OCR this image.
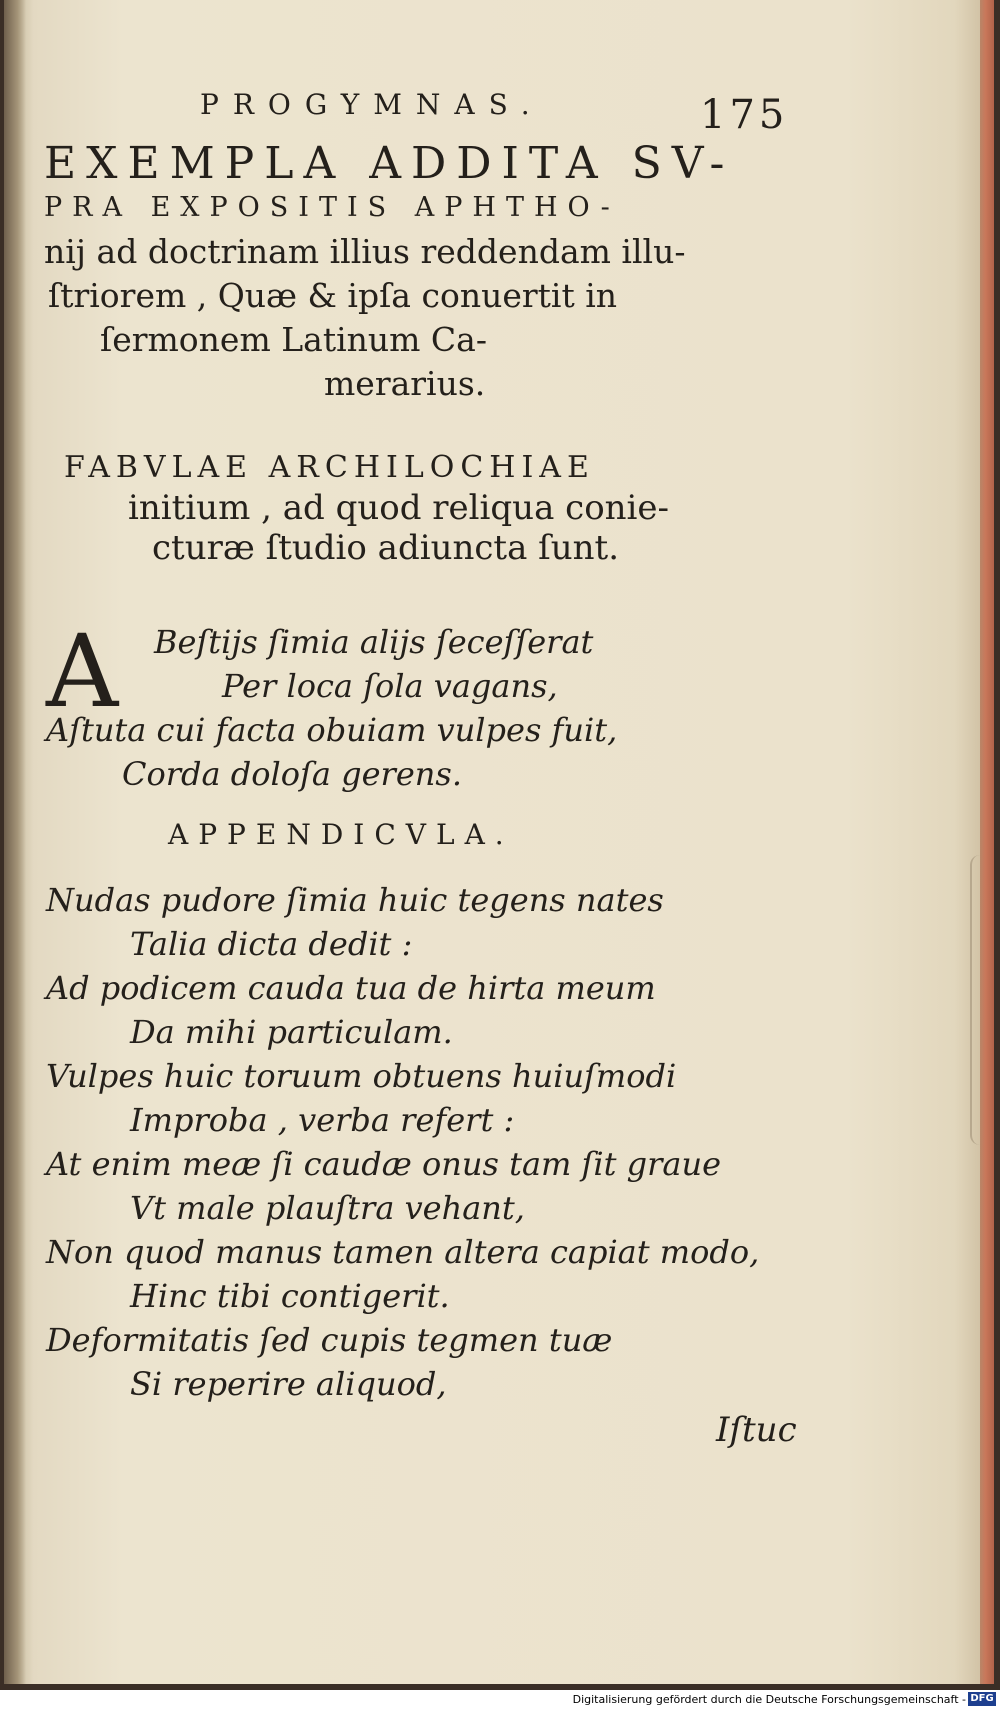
PROGYMNAS.	175
EXEMPLA ADDITA SV-
PRA EXPOSITIS APHTHO-
nij ad doctrinam illius reddendam illu-
ſtriorem , Quæ & ipſa conuertit in
ſermonem Latinum Ca-
merarius.
FABVLAE ARCHILOCHIAE
initium , ad quod reliqua conie-
cturæ ſtudio adiuncta ſunt.
A Beſtijs ſimia alijs ſeceſſerat
Per loca ſola vagans,
Aſtuta cui facta obuiam vulpes fuit,
Corda doloſa gerens.
APPENDICVLA.
Nudas pudore ſimia huic tegens nates
Talia dicta dedit :
Ad podicem cauda tua de hirta meum
Da mihi particulam.
Vulpes huic toruum obtuens huiuſmodi
Improba , verba refert :
At enim meæ ſi caudæ onus tam ſit graue
Vt male plauſtra vehant,
Non quod manus tamen altera capiat modo,
Hinc tibi contigerit.
Deformitatis ſed cupis tegmen tuæ
Si reperire aliquod,
Iſtuc
Digitalisierung gefördert durch die Deutsche Forschungsgemeinschaft - DFG
